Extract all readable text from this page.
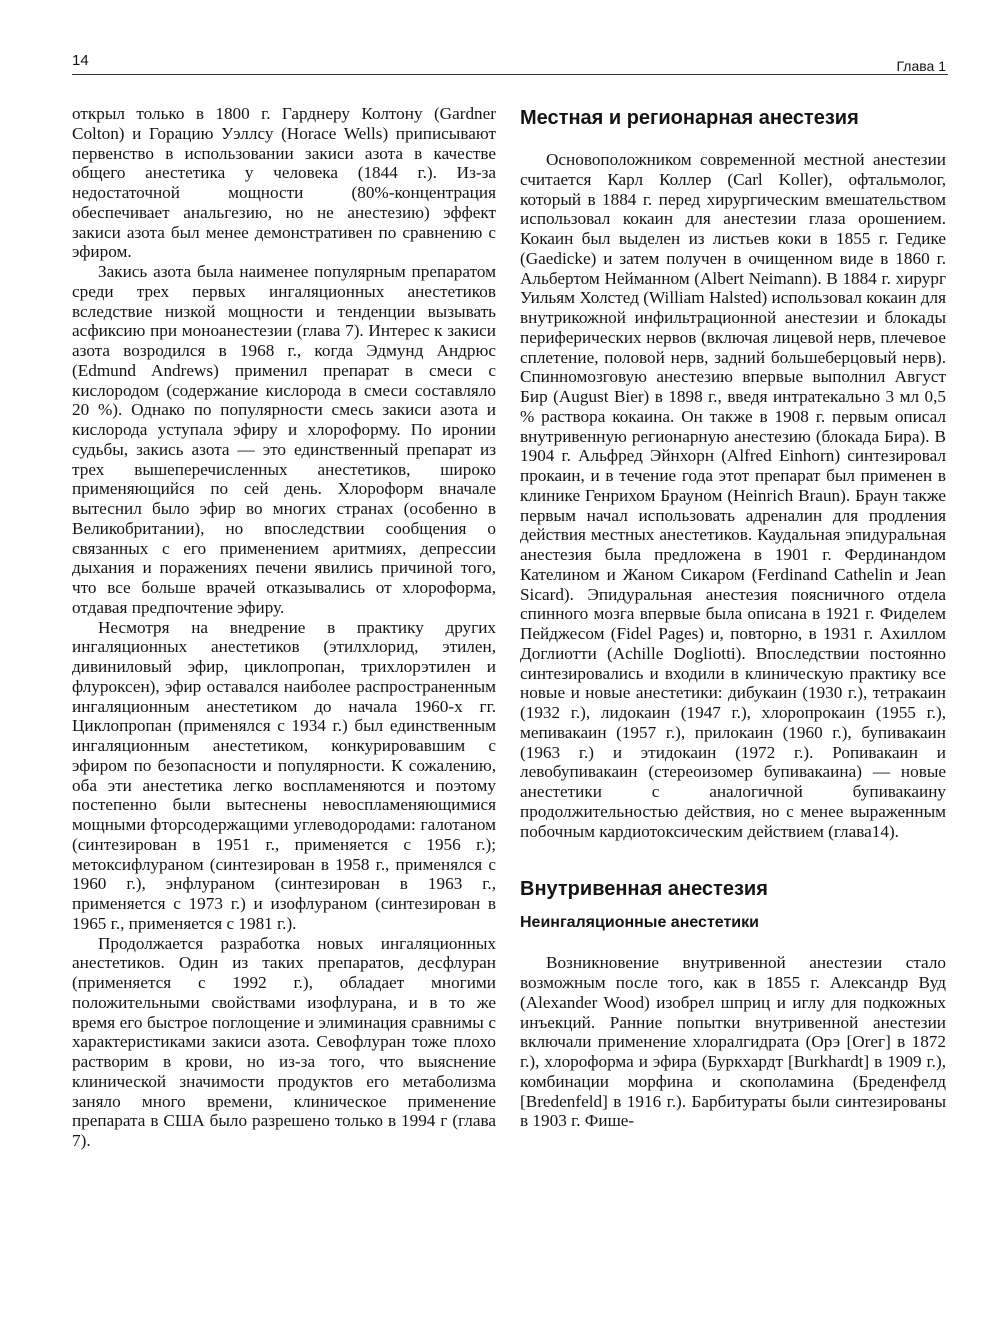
14	Глава 1

открыл только в 1800 г. Гарднеру Колтону (Gardner Colton) и Горацию Уэллсу (Horace Wells) приписывают первенство в использовании закиси азота в качестве общего анестетика у человека (1844 г.). Из-за недостаточной мощности (80%-концентрация обеспечивает анальгезию, но не анестезию) эффект закиси азота был менее демонстративен по сравнению с эфиром.

Закись азота была наименее популярным препаратом среди трех первых ингаляционных анестетиков вследствие низкой мощности и тенденции вызывать асфиксию при моноанестезии (глава 7). Интерес к закиси азота возродился в 1968 г., когда Эдмунд Андрюс (Edmund Andrews) применил препарат в смеси с кислородом (содержание кислорода в смеси составляло 20 %). Однако по популярности смесь закиси азота и кислорода уступала эфиру и хлороформу. По иронии судьбы, закись азота — это единственный препарат из трех вышеперечисленных анестетиков, широко применяющийся по сей день. Хлороформ вначале вытеснил было эфир во многих странах (особенно в Великобритании), но впоследствии сообщения о связанных с его применением аритмиях, депрессии дыхания и поражениях печени явились причиной того, что все больше врачей отказывались от хлороформа, отдавая предпочтение эфиру.

Несмотря на внедрение в практику других ингаляционных анестетиков (этилхлорид, этилен, дивиниловый эфир, циклопропан, трихлорэтилен и флуроксен), эфир оставался наиболее распространенным ингаляционным анестетиком до начала 1960-х гг. Циклопропан (применялся с 1934 г.) был единственным ингаляционным анестетиком, конкурировавшим с эфиром по безопасности и популярности. К сожалению, оба эти анестетика легко воспламеняются и поэтому постепенно были вытеснены невоспламеняющимися мощными фторсодержащими углеводородами: галотаном (синтезирован в 1951 г., применяется с 1956 г.); метоксифлураном (синтезирован в 1958 г., применялся с 1960 г.), энфлураном (синтезирован в 1963 г., применяется с 1973 г.) и изофлураном (синтезирован в 1965 г., применяется с 1981 г.).

Продолжается разработка новых ингаляционных анестетиков. Один из таких препаратов, десфлуран (применяется с 1992 г.), обладает многими положительными свойствами изофлурана, и в то же время его быстрое поглощение и элиминация сравнимы с характеристиками закиси азота. Севофлуран тоже плохо растворим в крови, но из-за того, что выяснение клинической значимости продуктов его метаболизма заняло много времени, клиническое применение препарата в США было разрешено только в 1994 г (глава 7).

Местная и регионарная анестезия

Основоположником современной местной анестезии считается Карл Коллер (Carl Koller), офтальмолог, который в 1884 г. перед хирургическим вмешательством использовал кокаин для анестезии глаза орошением. Кокаин был выделен из листьев коки в 1855 г. Гедике (Gaedicke) и затем получен в очищенном виде в 1860 г. Альбертом Нейманном (Albert Neimann). В 1884 г. хирург Уильям Холстед (William Halsted) использовал кокаин для внутрикожной инфильтрационной анестезии и блокады периферических нервов (включая лицевой нерв, плечевое сплетение, половой нерв, задний большеберцовый нерв). Спинномозговую анестезию впервые выполнил Август Бир (August Bier) в 1898 г., введя интратекально 3 мл 0,5 % раствора кокаина. Он также в 1908 г. первым описал внутривенную регионарную анестезию (блокада Бира). В 1904 г. Альфред Эйнхорн (Alfred Einhorn) синтезировал прокаин, и в течение года этот препарат был применен в клинике Генрихом Брауном (Heinrich Braun). Браун также первым начал использовать адреналин для продления действия местных анестетиков. Каудальная эпидуральная анестезия была предложена в 1901 г. Фердинандом Кателином и Жаном Сикаром (Ferdinand Cathelin и Jean Sicard). Эпидуральная анестезия поясничного отдела спинного мозга впервые была описана в 1921 г. Фиделем Пейджесом (Fidel Pages) и, повторно, в 1931 г. Ахиллом Доглиотти (Achille Dogliotti). Впоследствии постоянно синтезировались и входили в клиническую практику все новые и новые анестетики: дибукаин (1930 г.), тетракаин (1932 г.), лидокаин (1947 г.), хлоропрокаин (1955 г.), мепивакаин (1957 г.), прилокаин (1960 г.), бупивакаин (1963 г.) и этидокаин (1972 г.). Ропивакаин и левобупивакаин (стереоизомер бупивакаина) — новые анестетики с аналогичной бупивакаину продолжительностью действия, но с менее выраженным побочным кардиотоксическим действием (глава14).

Внутривенная анестезия
Неингаляционные анестетики

Возникновение внутривенной анестезии стало возможным после того, как в 1855 г. Александр Вуд (Alexander Wood) изобрел шприц и иглу для подкожных инъекций. Ранние попытки внутривенной анестезии включали применение хлоралгидрата (Орэ [Oreг] в 1872 г.), хлороформа и эфира (Буркхардт [Burkhardt] в 1909 г.), комбинации морфина и скополамина (Бреденфелд [Bredenfeld] в 1916 г.). Барбитураты были синтезированы в 1903 г. Фише-
